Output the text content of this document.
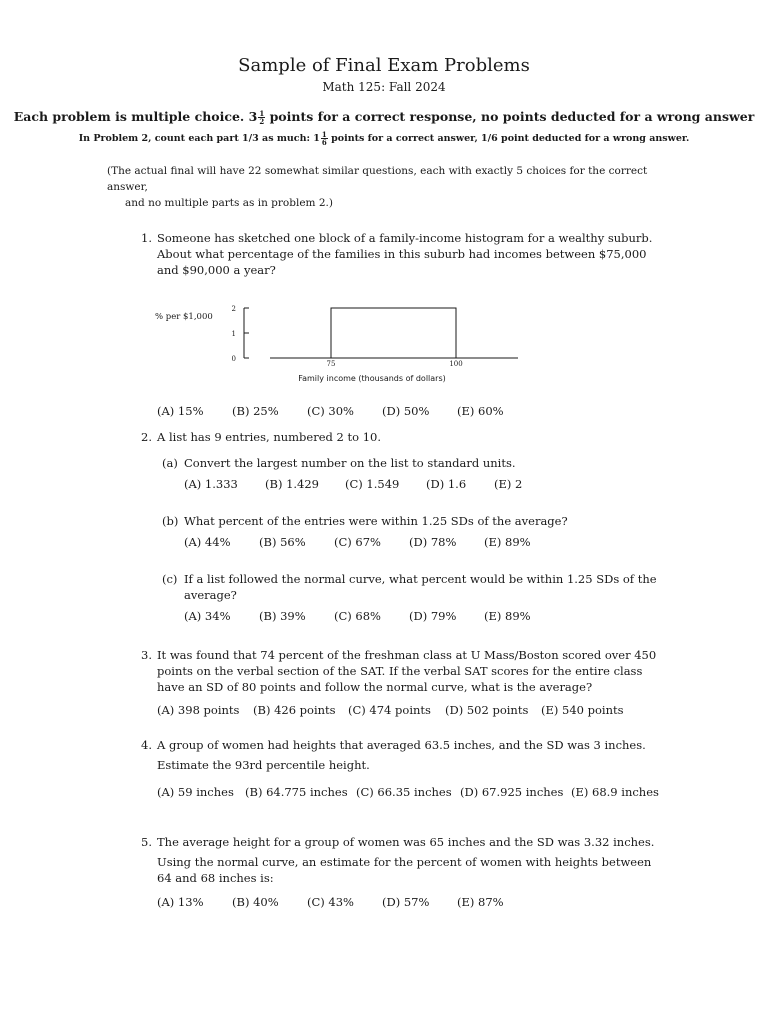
Sample of Final Exam Problems
Math 125: Fall 2024
Each problem is multiple choice. $3 \frac{1}{2}$ points for a correct response, no points deducted for a wrong answer
In Problem 2, count each part 1/3 as much: $1 \frac{1}{6}$ points for a correct answer, 1/6 point deducted for a wrong answer.
(The actual final will have 22 somewhat similar questions, each with exactly 5 choices for the correct answer,
and no multiple parts as in problem 2.)
1. Someone has sketched one block of a family-income histogram for a wealthy suburb. About what percentage of the families in this suburb had incomes between $75,000 and $90,000 a year?
% per $1,000
0
1
2
75	100
Family income (thousands of dollars)
(A) 15% (B) 25% (C) 30% (D) 50% (E) 60%
2. A list has 9 entries, numbered 2 to 10.
(a) Convert the largest number on the list to standard units.
(A) 1.333 (B) 1.429 (C) 1.549 (D) 1.6 (E) 2
(b) What percent of the entries were within 1.25 SDs of the average?
(A) 44% (B) 56% (C) 67% (D) 78% (E) 89%
(c) If a list followed the normal curve, what percent would be within 1.25 SDs of the average?
(A) 34% (B) 39% (C) 68% (D) 79% (E) 89%
3. It was found that 74 percent of the freshman class at U Mass/Boston scored over 450 points on the verbal section of the SAT. If the verbal SAT scores for the entire class have an SD of 80 points and follow the normal curve, what is the average?
(A) 398 points (B) 426 points (C) 474 points (D) 502 points (E) 540 points
4. A group of women had heights that averaged 63.5 inches, and the SD was 3 inches.
Estimate the 93rd percentile height.
(A) 59 inches (B) 64.775 inches (C) 66.35 inches (D) 67.925 inches (E) 68.9 inches
5. The average height for a group of women was 65 inches and the SD was 3.32 inches.
Using the normal curve, an estimate for the percent of women with heights between 64 and 68 inches is:
(A) 13% (B) 40% (C) 43% (D) 57% (E) 87%
